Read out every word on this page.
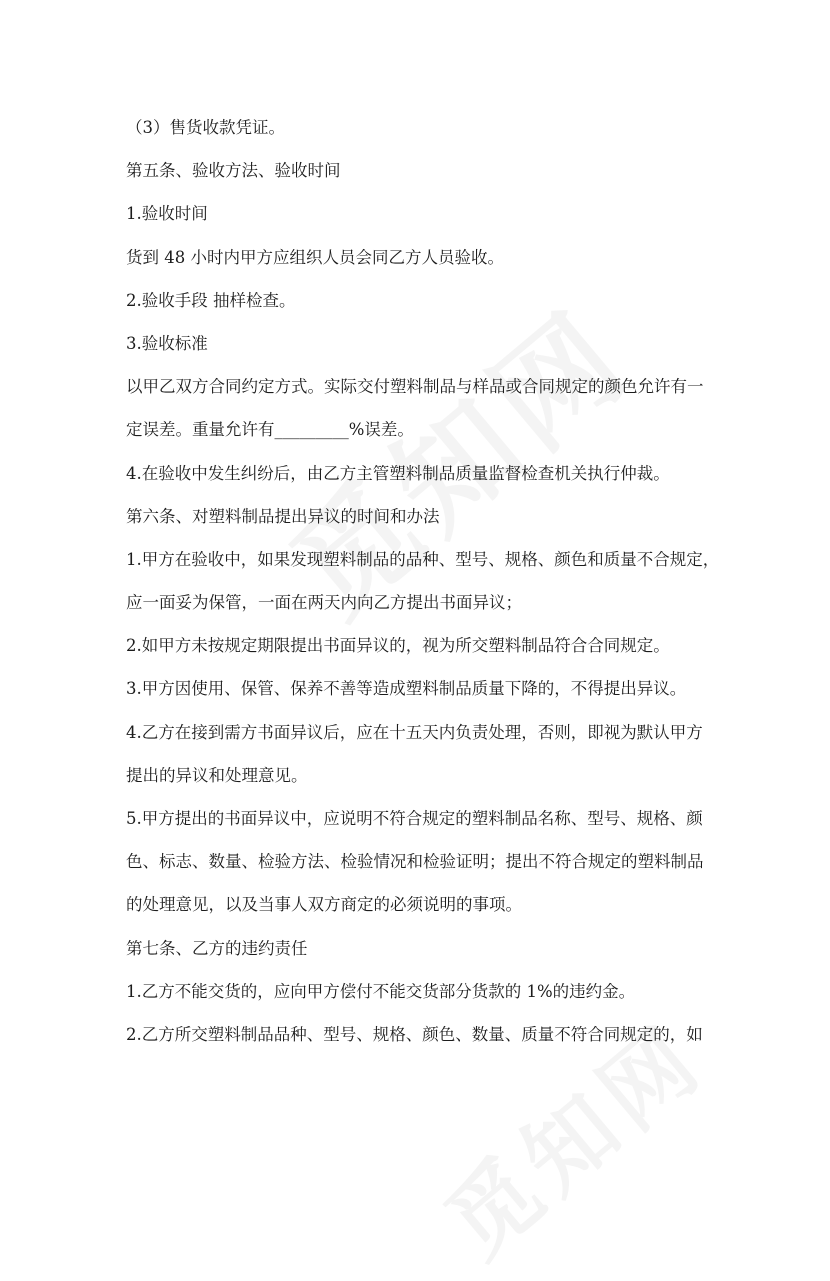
（3）售货收款凭证。
第五条、验收方法、验收时间
1.验收时间
货到 48 小时内甲方应组织人员会同乙方人员验收。
2.验收手段 抽样检查。
3.验收标准
以甲乙双方合同约定方式。实际交付塑料制品与样品或合同规定的颜色允许有一
定误差。重量允许有_________%误差。
4.在验收中发生纠纷后，由乙方主管塑料制品质量监督检查机关执行仲裁。
第六条、对塑料制品提出异议的时间和办法
1.甲方在验收中，如果发现塑料制品的品种、型号、规格、颜色和质量不合规定，
应一面妥为保管，一面在两天内向乙方提出书面异议；
2.如甲方未按规定期限提出书面异议的，视为所交塑料制品符合合同规定。
3.甲方因使用、保管、保养不善等造成塑料制品质量下降的，不得提出异议。
4.乙方在接到需方书面异议后，应在十五天内负责处理，否则，即视为默认甲方
提出的异议和处理意见。
5.甲方提出的书面异议中，应说明不符合规定的塑料制品名称、型号、规格、颜
色、标志、数量、检验方法、检验情况和检验证明；提出不符合规定的塑料制品
的处理意见，以及当事人双方商定的必须说明的事项。
第七条、乙方的违约责任
1.乙方不能交货的，应向甲方偿付不能交货部分货款的 1%的违约金。
2.乙方所交塑料制品品种、型号、规格、颜色、数量、质量不符合同规定的，如
